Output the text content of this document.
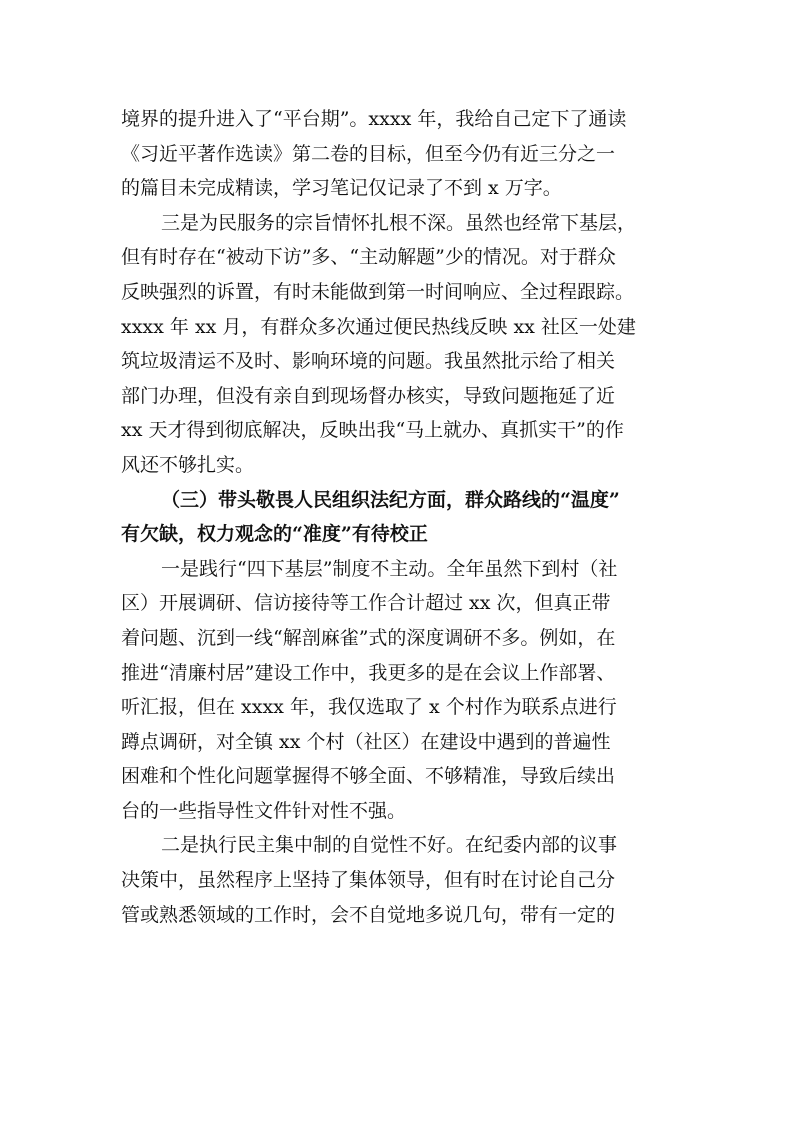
境界的提升进入了“平台期”。xxxx 年，我给自己定下了通读
《习近平著作选读》第二卷的目标，但至今仍有近三分之一
的篇目未完成精读，学习笔记仅记录了不到 x 万字。

三是为民服务的宗旨情怀扎根不深。虽然也经常下基层，
但有时存在“被动下访”多、“主动解题”少的情况。对于群众
反映强烈的诉置，有时未能做到第一时间响应、全过程跟踪。
xxxx 年 xx 月，有群众多次通过便民热线反映 xx 社区一处建
筑垃圾清运不及时、影响环境的问题。我虽然批示给了相关
部门办理，但没有亲自到现场督办核实，导致问题拖延了近
xx 天才得到彻底解决，反映出我“马上就办、真抓实干”的作
风还不够扎实。

（三）带头敬畏人民组织法纪方面，群众路线的“温度”
有欠缺，权力观念的“准度”有待校正

一是践行“四下基层”制度不主动。全年虽然下到村（社
区）开展调研、信访接待等工作合计超过 xx 次，但真正带
着问题、沉到一线“解剖麻雀”式的深度调研不多。例如，在
推进“清廉村居”建设工作中，我更多的是在会议上作部署、
听汇报，但在 xxxx 年，我仅选取了 x 个村作为联系点进行
蹲点调研，对全镇 xx 个村（社区）在建设中遇到的普遍性
困难和个性化问题掌握得不够全面、不够精准，导致后续出
台的一些指导性文件针对性不强。

二是执行民主集中制的自觉性不好。在纪委内部的议事
决策中，虽然程序上坚持了集体领导，但有时在讨论自己分
管或熟悉领域的工作时，会不自觉地多说几句，带有一定的
